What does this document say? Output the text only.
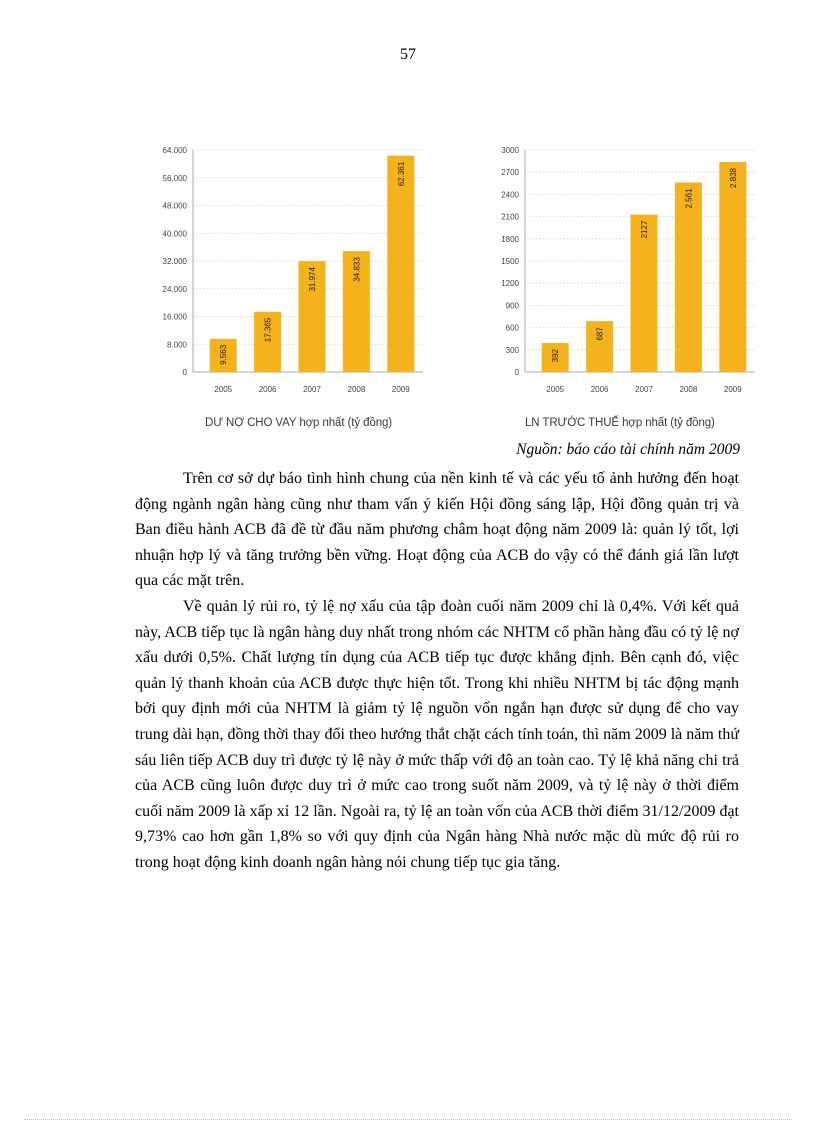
57
0
8.000
16.000
24.000
32.000
40.000
48.000
56.000
64.000
9.563
2005
17.365
2006
31.974
2007
34.833
2008
62.361
2009
DƯ NỢ CHO VAY hợp nhất (tỷ đồng)
0
300
600
900
1200
1500
1800
2100
2400
2700
3000
392
2005
687
2006
2127
2007
2.561
2008
2.838
2009
LN TRƯỚC THUẾ hợp nhất (tỷ đồng)
Nguồn: báo cáo tài chính năm 2009

Trên cơ sở dự báo tình hình chung của nền kinh tế và các yếu tố ảnh hưởng đến hoạt động ngành ngân hàng cũng như tham vấn ý kiến Hội đồng sáng lập, Hội đồng quản trị và Ban điều hành ACB đã đề từ đầu năm phương châm hoạt động năm 2009 là: quản lý tốt, lợi nhuận hợp lý và tăng trưởng bền vững. Hoạt động của ACB do vậy có thể đánh giá lần lượt qua các mặt trên.

Về quản lý rủi ro, tỷ lệ nợ xấu của tập đoàn cuối năm 2009 chỉ là 0,4%. Với kết quả này, ACB tiếp tục là ngân hàng duy nhất trong nhóm các NHTM cổ phần hàng đầu có tỷ lệ nợ xấu dưới 0,5%. Chất lượng tín dụng của ACB tiếp tục được khẳng định. Bên cạnh đó, việc quản lý thanh khoản của ACB được thực hiện tốt. Trong khi nhiều NHTM bị tác động mạnh bởi quy định mới của NHTM là giảm tỷ lệ nguồn vốn ngắn hạn được sử dụng để cho vay trung dài hạn, đồng thời thay đổi theo hướng thắt chặt cách tính toán, thì năm 2009 là năm thứ sáu liên tiếp ACB duy trì được tỷ lệ này ở mức thấp với độ an toàn cao. Tỷ lệ khả năng chi trả của ACB cũng luôn được duy trì ở mức cao trong suốt năm 2009, và tỷ lệ này ở thời điểm cuối năm 2009 là xấp xỉ 12 lần. Ngoài ra, tỷ lệ an toàn vốn của ACB thời điểm 31/12/2009 đạt 9,73% cao hơn gần 1,8% so với quy định của Ngân hàng Nhà nước mặc dù mức độ rủi ro trong hoạt động kinh doanh ngân hàng nói chung tiếp tục gia tăng.
